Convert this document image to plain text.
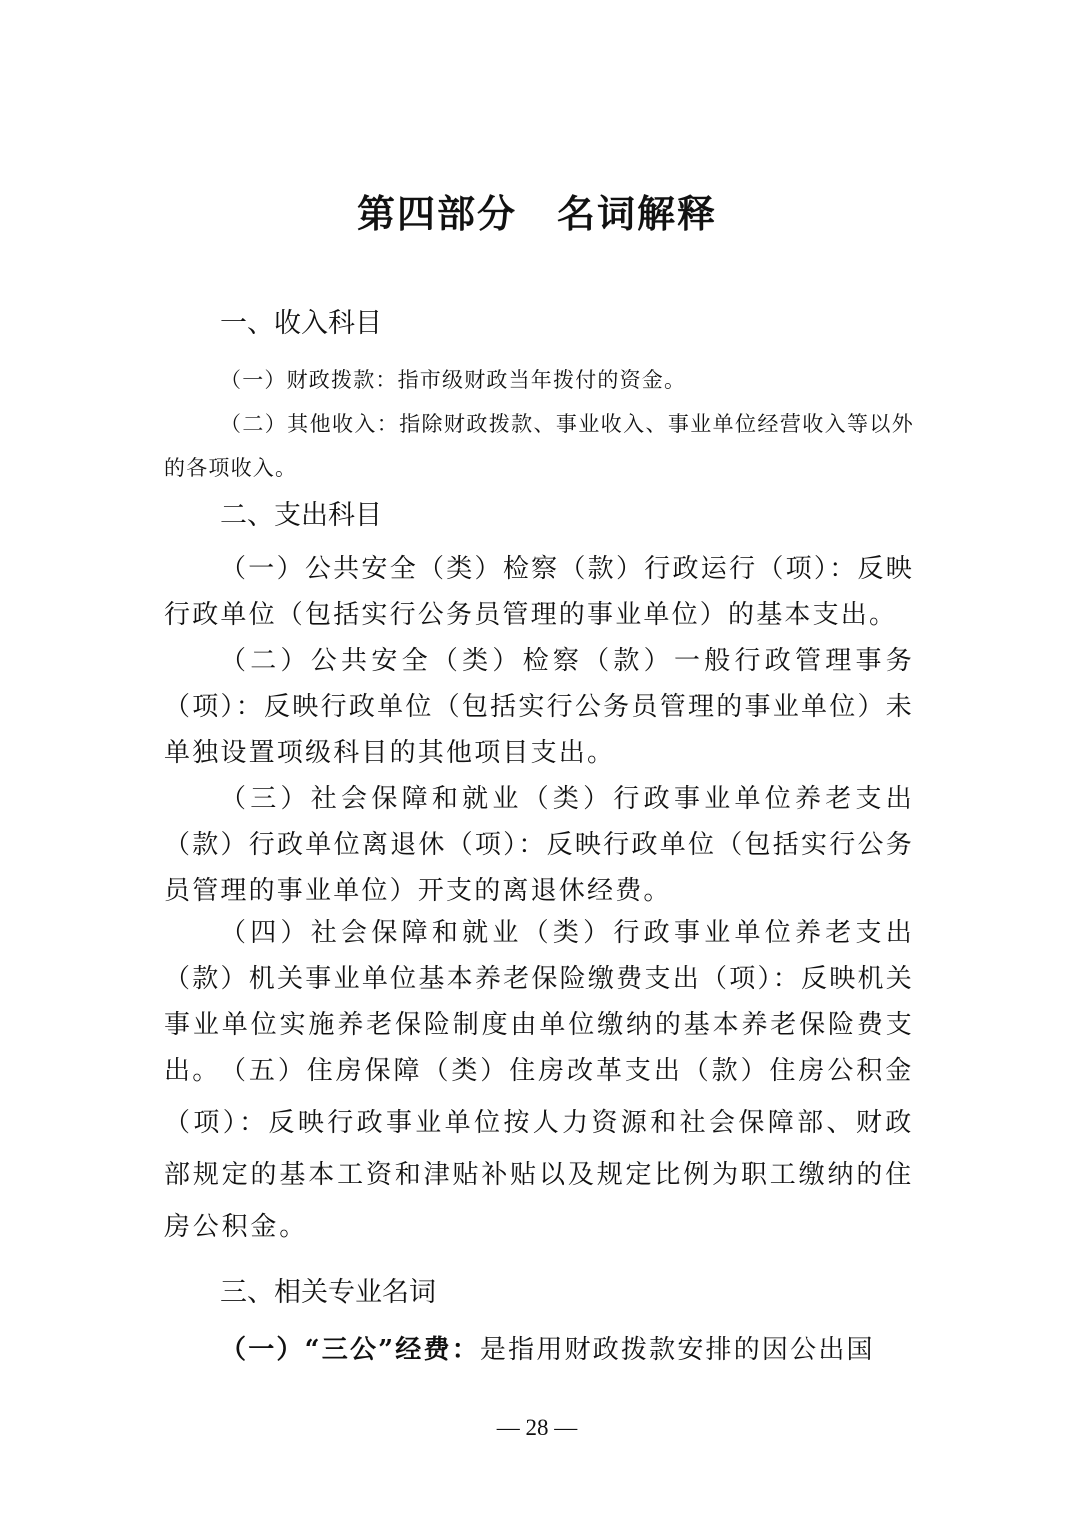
第四部分　名词解释
一、收入科目

（一）财政拨款：指市级财政当年拨付的资金。

（二）其他收入：指除财政拨款、事业收入、事业单位经营收入等以外的各项收入。

二、支出科目

（一）公共安全（类）检察（款）行政运行（项）：反映行政单位（包括实行公务员管理的事业单位）的基本支出。

（二）公共安全（类）检察（款）一般行政管理事务（项）：反映行政单位（包括实行公务员管理的事业单位）未单独设置项级科目的其他项目支出。

（三）社会保障和就业（类）行政事业单位养老支出（款）行政单位离退休（项）：反映行政单位（包括实行公务员管理的事业单位）开支的离退休经费。

（四）社会保障和就业（类）行政事业单位养老支出（款）机关事业单位基本养老保险缴费支出（项）：反映机关事业单位实施养老保险制度由单位缴纳的基本养老保险费支出。 （五）住房保障（类）住房改革支出（款）住房公积金（项）：反映行政事业单位按人力资源和社会保障部、财政部规定的基本工资和津贴补贴以及规定比例为职工缴纳的住房公积金。

三、相关专业名词

（一）“三公”经费：是指用财政拨款安排的因公出国

— 28 —
